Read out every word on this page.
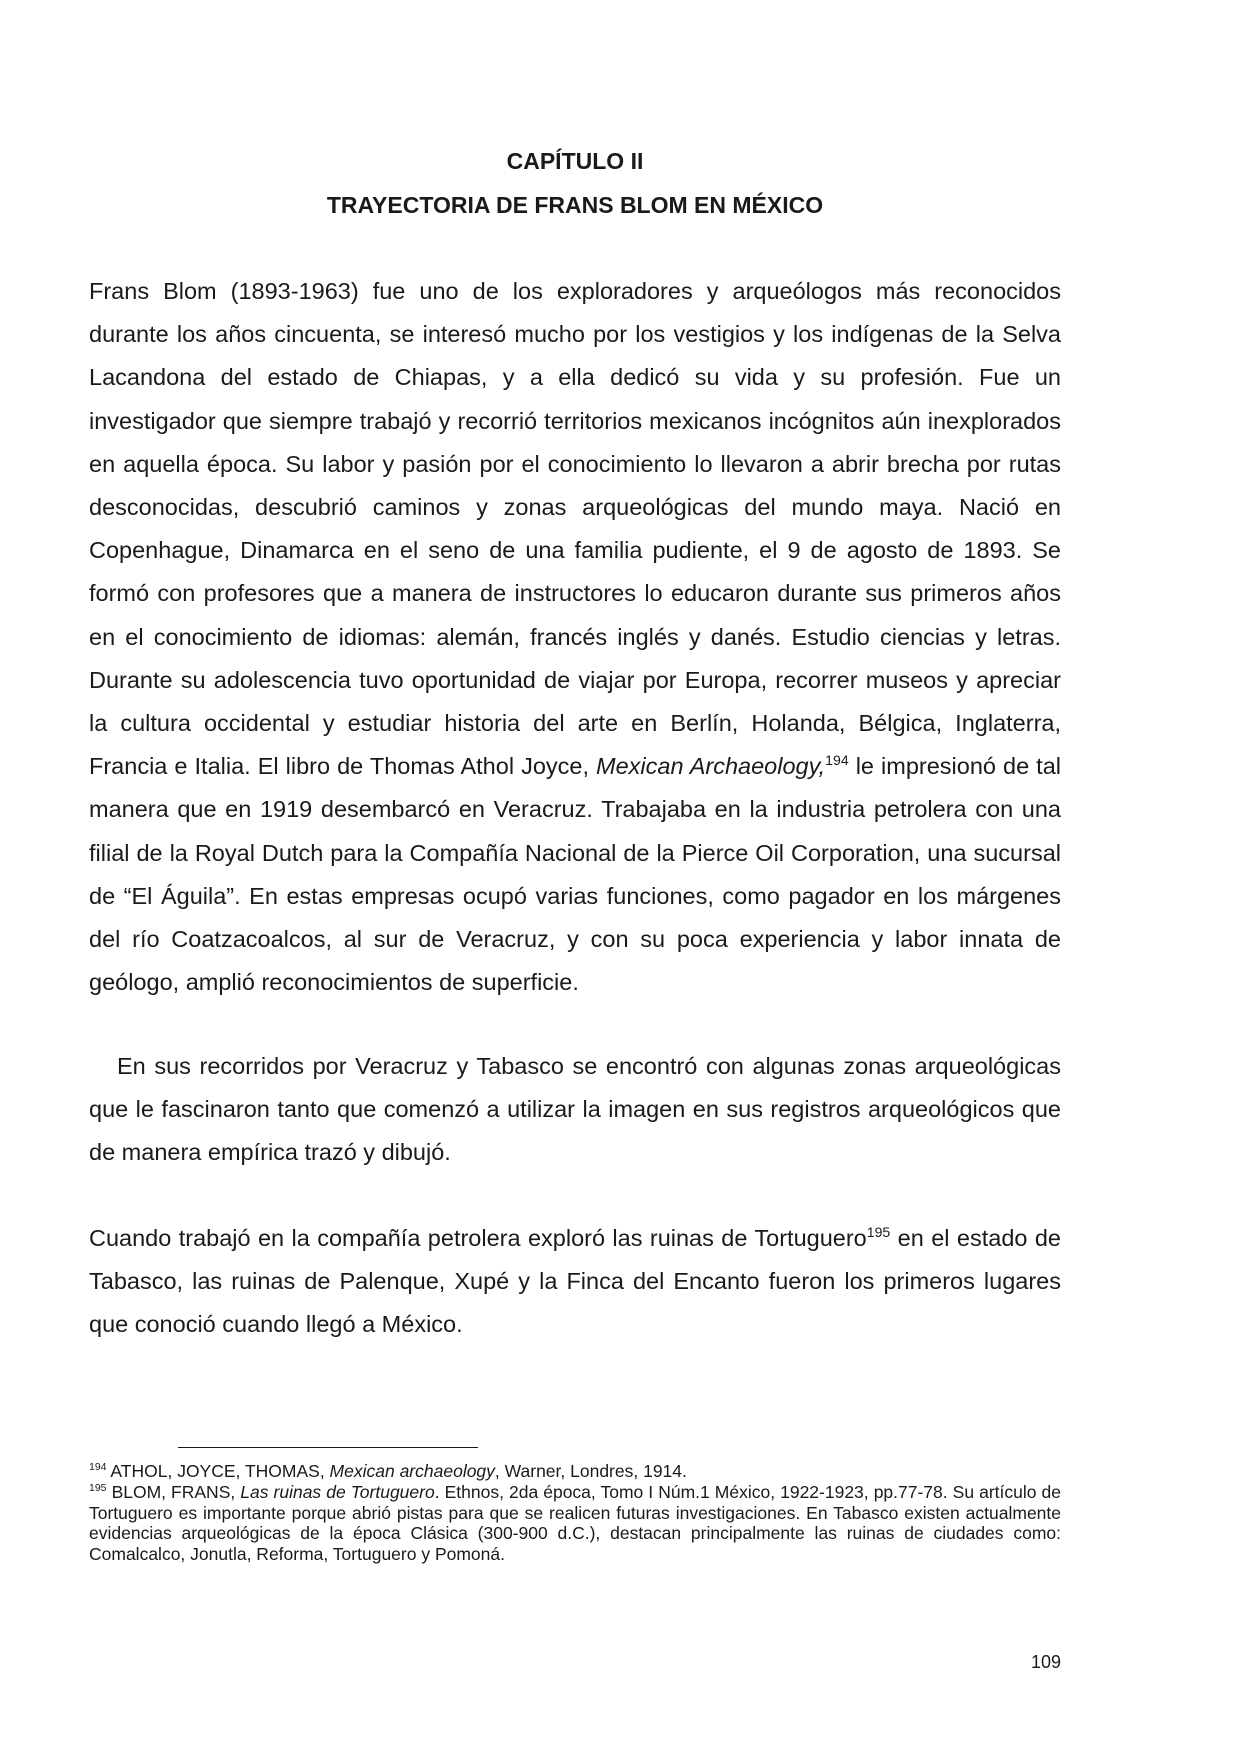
CAPÍTULO II
TRAYECTORIA DE FRANS BLOM EN MÉXICO

Frans Blom (1893-1963) fue uno de los exploradores y arqueólogos más reconocidos durante los años cincuenta, se interesó mucho por los vestigios y los indígenas de la Selva Lacandona del estado de Chiapas, y a ella dedicó su vida y su profesión. Fue un investigador que siempre trabajó y recorrió territorios mexicanos incógnitos aún inexplorados en aquella época. Su labor y pasión por el conocimiento lo llevaron a abrir brecha por rutas desconocidas, descubrió caminos y zonas arqueológicas del mundo maya. Nació en Copenhague, Dinamarca en el seno de una familia pudiente, el 9 de agosto de 1893. Se formó con profesores que a manera de instructores lo educaron durante sus primeros años en el conocimiento de idiomas: alemán, francés inglés y danés. Estudio ciencias y letras. Durante su adolescencia tuvo oportunidad de viajar por Europa, recorrer museos y apreciar la cultura occidental y estudiar historia del arte en Berlín, Holanda, Bélgica, Inglaterra, Francia e Italia. El libro de Thomas Athol Joyce, Mexican Archaeology,$^{194}$ le impresionó de tal manera que en 1919 desembarcó en Veracruz. Trabajaba en la industria petrolera con una filial de la Royal Dutch para la Compañía Nacional de la Pierce Oil Corporation, una sucursal de “El Águila”. En estas empresas ocupó varias funciones, como pagador en los márgenes del río Coatzacoalcos, al sur de Veracruz, y con su poca experiencia y labor innata de geólogo, amplió reconocimientos de superficie.

En sus recorridos por Veracruz y Tabasco se encontró con algunas zonas arqueológicas que le fascinaron tanto que comenzó a utilizar la imagen en sus registros arqueológicos que de manera empírica trazó y dibujó.

Cuando trabajó en la compañía petrolera exploró las ruinas de Tortuguero$^{195}$ en el estado de Tabasco, las ruinas de Palenque, Xupé y la Finca del Encanto fueron los primeros lugares que conoció cuando llegó a México.

$^{194}$ ATHOL, JOYCE, THOMAS, Mexican archaeology, Warner, Londres, 1914.

$^{195}$ BLOM, FRANS, Las ruinas de Tortuguero. Ethnos, 2da época, Tomo I Núm.1 México, 1922-1923, pp.77-78. Su artículo de Tortuguero es importante porque abrió pistas para que se realicen futuras investigaciones. En Tabasco existen actualmente evidencias arqueológicas de la época Clásica (300-900 d.C.), destacan principalmente las ruinas de ciudades como: Comalcalco, Jonutla, Reforma, Tortuguero y Pomoná.

109
